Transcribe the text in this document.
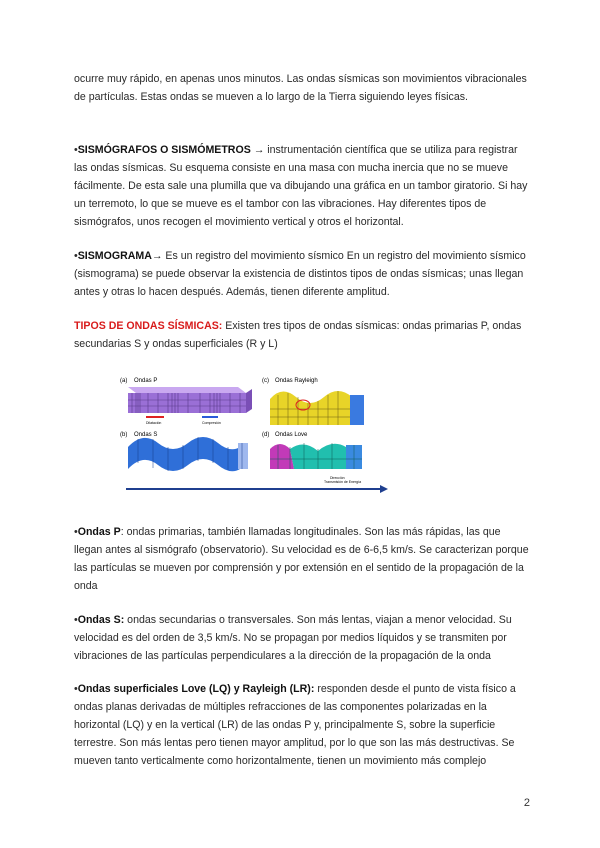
ocurre muy rápido, en apenas unos minutos. Las ondas sísmicas son movimientos vibracionales de partículas. Estas ondas se mueven a lo largo de la Tierra siguiendo leyes físicas.

•SISMÓGRAFOS O SISMÓMETROS → instrumentación científica que se utiliza para registrar las ondas sísmicas. Su esquema consiste en una masa con mucha inercia que no se mueve fácilmente. De esta sale una plumilla que va dibujando una gráfica en un tambor giratorio. Si hay un terremoto, lo que se mueve es el tambor con las vibraciones. Hay diferentes tipos de sismógrafos, unos recogen el movimiento vertical y otros el horizontal.

•SISMOGRAMA→ Es un registro del movimiento sísmico En un registro del movimiento sísmico (sismograma) se puede observar la existencia de distintos tipos de ondas sísmicas; unas llegan antes y otras lo hacen después. Además, tienen diferente amplitud.

TIPOS DE ONDAS SÍSMICAS: Existen tres tipos de ondas sísmicas: ondas primarias P, ondas secundarias S y ondas superficiales (R y L)

(a) Ondas P
Dilatación	Compresión
(b) Ondas S
(c) Ondas Rayleigh
(d) Ondas Love
Dirección
Transmisión de Energía

•Ondas P: ondas primarias, también llamadas longitudinales. Son las más rápidas, las que llegan antes al sismógrafo (observatorio). Su velocidad es de 6-6,5 km/s. Se caracterizan porque las partículas se mueven por comprensión y por extensión en el sentido de la propagación de la onda

•Ondas S: ondas secundarias o transversales. Son más lentas, viajan a menor velocidad. Su velocidad es del orden de 3,5 km/s. No se propagan por medios líquidos y se transmiten por vibraciones de las partículas perpendiculares a la dirección de la propagación de la onda

•Ondas superficiales Love (LQ) y Rayleigh (LR): responden desde el punto de vista físico a ondas planas derivadas de múltiples refracciones de las componentes polarizadas en la horizontal (LQ) y en la vertical (LR) de las ondas P y, principalmente S, sobre la superficie terrestre. Son más lentas pero tienen mayor amplitud, por lo que son las más destructivas. Se mueven tanto verticalmente como horizontalmente, tienen un movimiento más complejo

2
